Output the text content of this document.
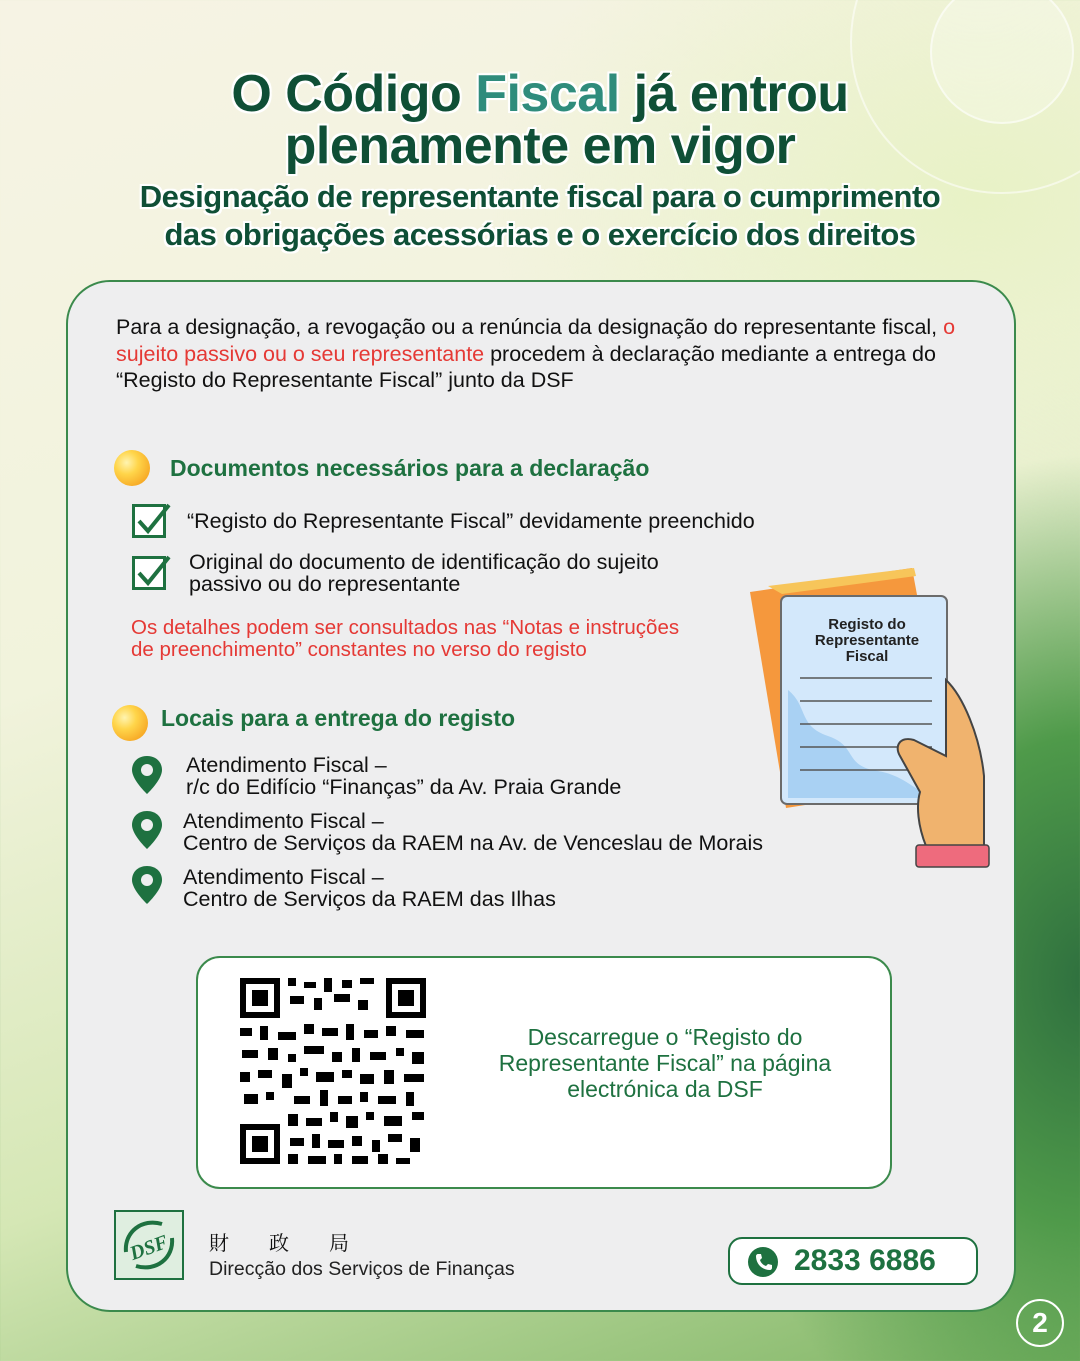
O Código Fiscal já entrou
plenamente em vigor
Designação de representante fiscal para o cumprimento
das obrigações acessórias e o exercício dos direitos
Para a designação, a revogação ou a renúncia da designação do representante fiscal, o sujeito passivo ou o seu representante procedem à declaração mediante a entrega do “Registo do Representante Fiscal” junto da DSF
Documentos necessários para a declaração
“Registo do Representante Fiscal” devidamente preenchido
Original do documento de identificação do sujeito
passivo ou do representante
Os detalhes podem ser consultados nas “Notas e instruções de preenchimento” constantes no verso do registo
Registo do
Representante
Fiscal
Locais para a entrega do registo
Atendimento Fiscal –
r/c do Edifício “Finanças” da Av. Praia Grande
Atendimento Fiscal –
Centro de Serviços da RAEM na Av. de Venceslau de Morais
Atendimento Fiscal –
Centro de Serviços da RAEM das Ilhas
Descarregue o “Registo do Representante Fiscal” na página electrónica da DSF
DSF 財政局
Direcção dos Serviços de Finanças	2833 6886
2
